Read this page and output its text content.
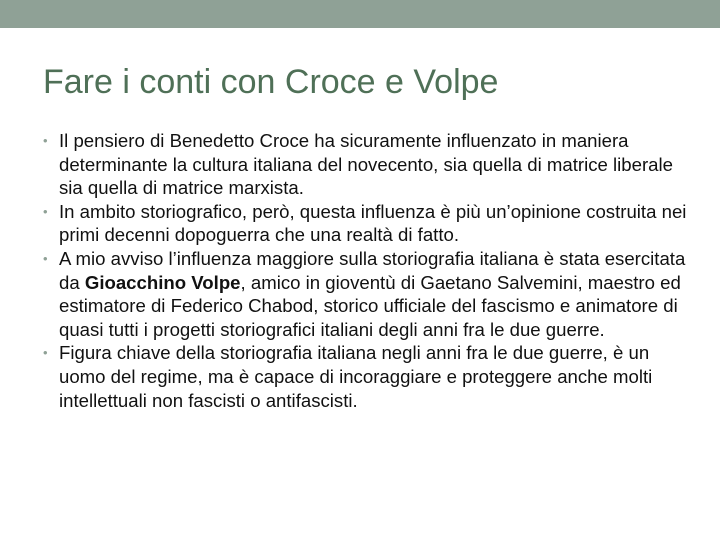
Fare i conti con Croce e Volpe
• Il pensiero di Benedetto Croce ha sicuramente influenzato in maniera determinante la cultura italiana del novecento, sia quella di matrice liberale sia quella di matrice marxista.
• In ambito storiografico, però, questa influenza è più un’opinione costruita nei primi decenni dopoguerra che una realtà di fatto.
• A mio avviso l’influenza maggiore sulla storiografia italiana è stata esercitata da Gioacchino Volpe, amico in gioventù di Gaetano Salvemini, maestro ed estimatore di Federico Chabod, storico ufficiale del fascismo e animatore di quasi tutti i progetti storiografici italiani degli anni fra le due guerre.
• Figura chiave della storiografia italiana negli anni fra le due guerre, è un uomo del regime, ma è capace di incoraggiare e proteggere anche molti intellettuali non fascisti o antifascisti.
